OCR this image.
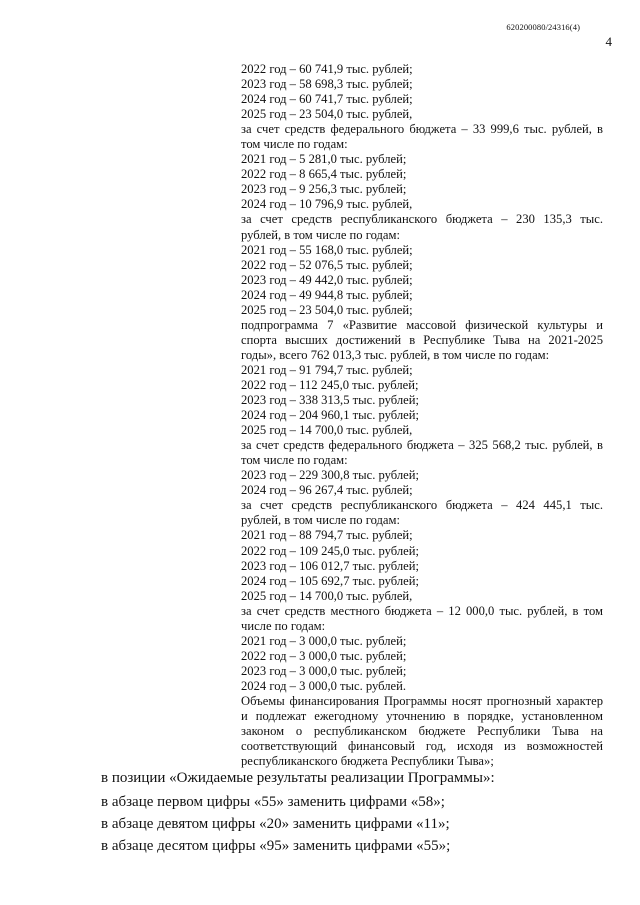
620200080/24316(4)
4
2022 год – 60 741,9 тыс. рублей;
2023 год – 58 698,3 тыс. рублей;
2024 год – 60 741,7 тыс. рублей;
2025 год – 23 504,0 тыс. рублей,
за счет средств федерального бюджета – 33 999,6 тыс. рублей, в том числе по годам:
2021 год – 5 281,0 тыс. рублей;
2022 год – 8 665,4 тыс. рублей;
2023 год – 9 256,3 тыс. рублей;
2024 год – 10 796,9 тыс. рублей,
за счет средств республиканского бюджета – 230 135,3 тыс. рублей, в том числе по годам:
2021 год – 55 168,0 тыс. рублей;
2022 год – 52 076,5 тыс. рублей;
2023 год – 49 442,0 тыс. рублей;
2024 год – 49 944,8 тыс. рублей;
2025 год – 23 504,0 тыс. рублей;
подпрограмма 7 «Развитие массовой физической культуры и спорта высших достижений в Республике Тыва на 2021-2025 годы», всего 762 013,3 тыс. рублей, в том числе по годам:
2021 год – 91 794,7 тыс. рублей;
2022 год – 112 245,0 тыс. рублей;
2023 год – 338 313,5 тыс. рублей;
2024 год – 204 960,1 тыс. рублей;
2025 год – 14 700,0 тыс. рублей,
за счет средств федерального бюджета – 325 568,2 тыс. рублей, в том числе по годам:
2023 год – 229 300,8 тыс. рублей;
2024 год – 96 267,4 тыс. рублей;
за счет средств республиканского бюджета – 424 445,1 тыс. рублей, в том числе по годам:
2021 год – 88 794,7 тыс. рублей;
2022 год – 109 245,0 тыс. рублей;
2023 год – 106 012,7 тыс. рублей;
2024 год – 105 692,7 тыс. рублей;
2025 год – 14 700,0 тыс. рублей,
за счет средств местного бюджета – 12 000,0 тыс. рублей, в том числе по годам:
2021 год – 3 000,0 тыс. рублей;
2022 год – 3 000,0 тыс. рублей;
2023 год – 3 000,0 тыс. рублей;
2024 год – 3 000,0 тыс. рублей.
Объемы финансирования Программы носят прогнозный характер и подлежат ежегодному уточнению в порядке, установленном законом о республиканском бюджете Республики Тыва на соответствующий финансовый год, исходя из возможностей республиканского бюджета Республики Тыва»;
в позиции «Ожидаемые результаты реализации Программы»:
в абзаце первом цифры «55» заменить цифрами «58»;
в абзаце девятом цифры «20» заменить цифрами «11»;
в абзаце десятом цифры «95» заменить цифрами «55»;
